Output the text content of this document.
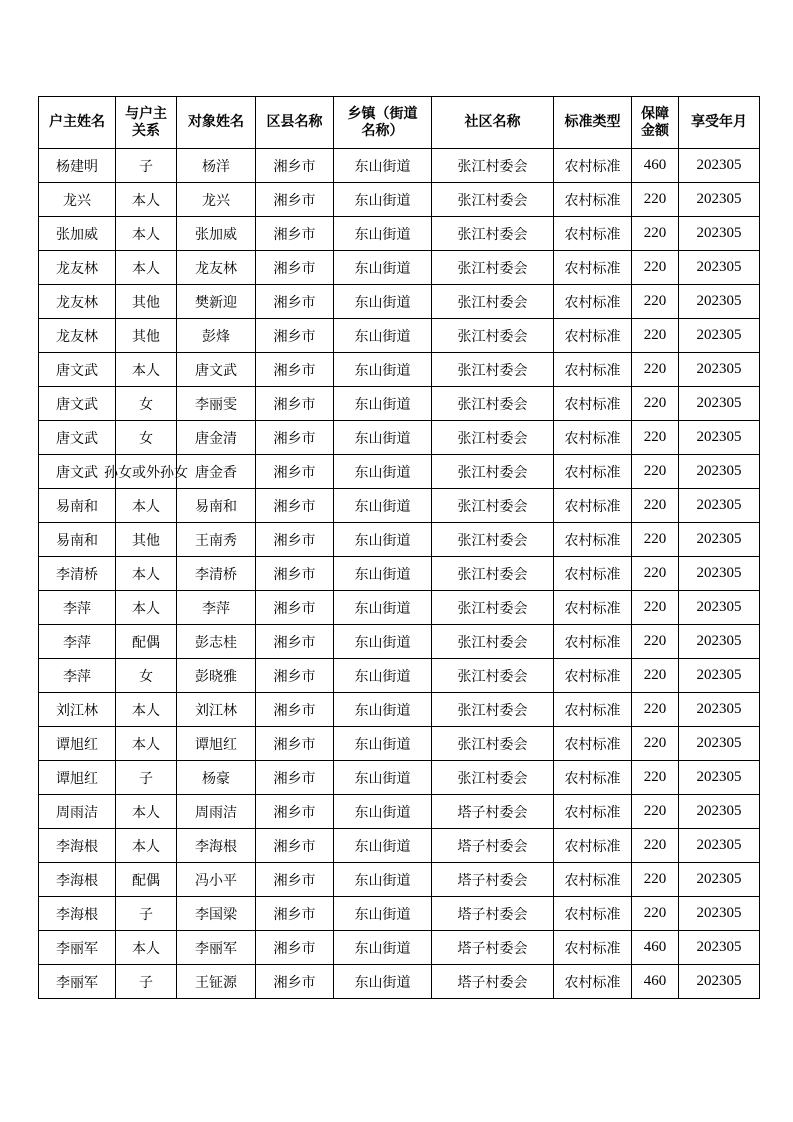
户主姓名	与户主关系	对象姓名	区县名称	乡镇（街道名称）	社区名称	标准类型	保障金额	享受年月
杨建明	子	杨洋	湘乡市	东山街道	张江村委会	农村标准	460	202305
龙兴	本人	龙兴	湘乡市	东山街道	张江村委会	农村标准	220	202305
张加威	本人	张加威	湘乡市	东山街道	张江村委会	农村标准	220	202305
龙友林	本人	龙友林	湘乡市	东山街道	张江村委会	农村标准	220	202305
龙友林	其他	樊新迎	湘乡市	东山街道	张江村委会	农村标准	220	202305
龙友林	其他	彭烽	湘乡市	东山街道	张江村委会	农村标准	220	202305
唐文武	本人	唐文武	湘乡市	东山街道	张江村委会	农村标准	220	202305
唐文武	女	李丽雯	湘乡市	东山街道	张江村委会	农村标准	220	202305
唐文武	女	唐金清	湘乡市	东山街道	张江村委会	农村标准	220	202305
唐文武	孙女或外孙女	唐金香	湘乡市	东山街道	张江村委会	农村标准	220	202305
易南和	本人	易南和	湘乡市	东山街道	张江村委会	农村标准	220	202305
易南和	其他	王南秀	湘乡市	东山街道	张江村委会	农村标准	220	202305
李清桥	本人	李清桥	湘乡市	东山街道	张江村委会	农村标准	220	202305
李萍	本人	李萍	湘乡市	东山街道	张江村委会	农村标准	220	202305
李萍	配偶	彭志桂	湘乡市	东山街道	张江村委会	农村标准	220	202305
李萍	女	彭晓雅	湘乡市	东山街道	张江村委会	农村标准	220	202305
刘江林	本人	刘江林	湘乡市	东山街道	张江村委会	农村标准	220	202305
谭旭红	本人	谭旭红	湘乡市	东山街道	张江村委会	农村标准	220	202305
谭旭红	子	杨豪	湘乡市	东山街道	张江村委会	农村标准	220	202305
周雨洁	本人	周雨洁	湘乡市	东山街道	塔子村委会	农村标准	220	202305
李海根	本人	李海根	湘乡市	东山街道	塔子村委会	农村标准	220	202305
李海根	配偶	冯小平	湘乡市	东山街道	塔子村委会	农村标准	220	202305
李海根	子	李国梁	湘乡市	东山街道	塔子村委会	农村标准	220	202305
李丽军	本人	李丽军	湘乡市	东山街道	塔子村委会	农村标准	460	202305
李丽军	子	王钲源	湘乡市	东山街道	塔子村委会	农村标准	460	202305
